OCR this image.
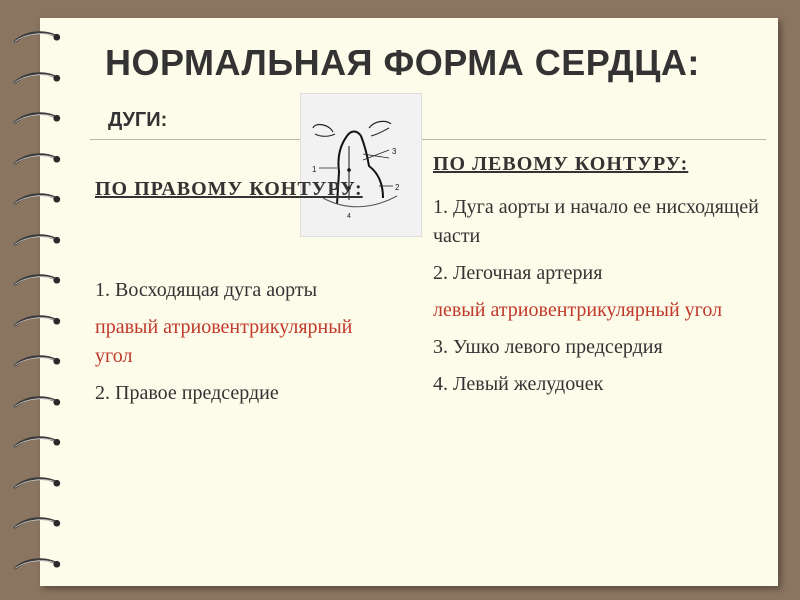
НОРМАЛЬНАЯ ФОРМА СЕРДЦА:
ДУГИ:
1
2
3
4

ПО ПРАВОМУ КОНТУРУ:

1. Восходящая дуга аорты

правый атриовентрикулярный угол

2. Правое предсердие

ПО ЛЕВОМУ КОНТУРУ:

1. Дуга аорты и начало ее нисходящей части

2. Легочная артерия

левый атриовентрикулярный угол

3. Ушко левого предсердия

4. Левый желудочек
